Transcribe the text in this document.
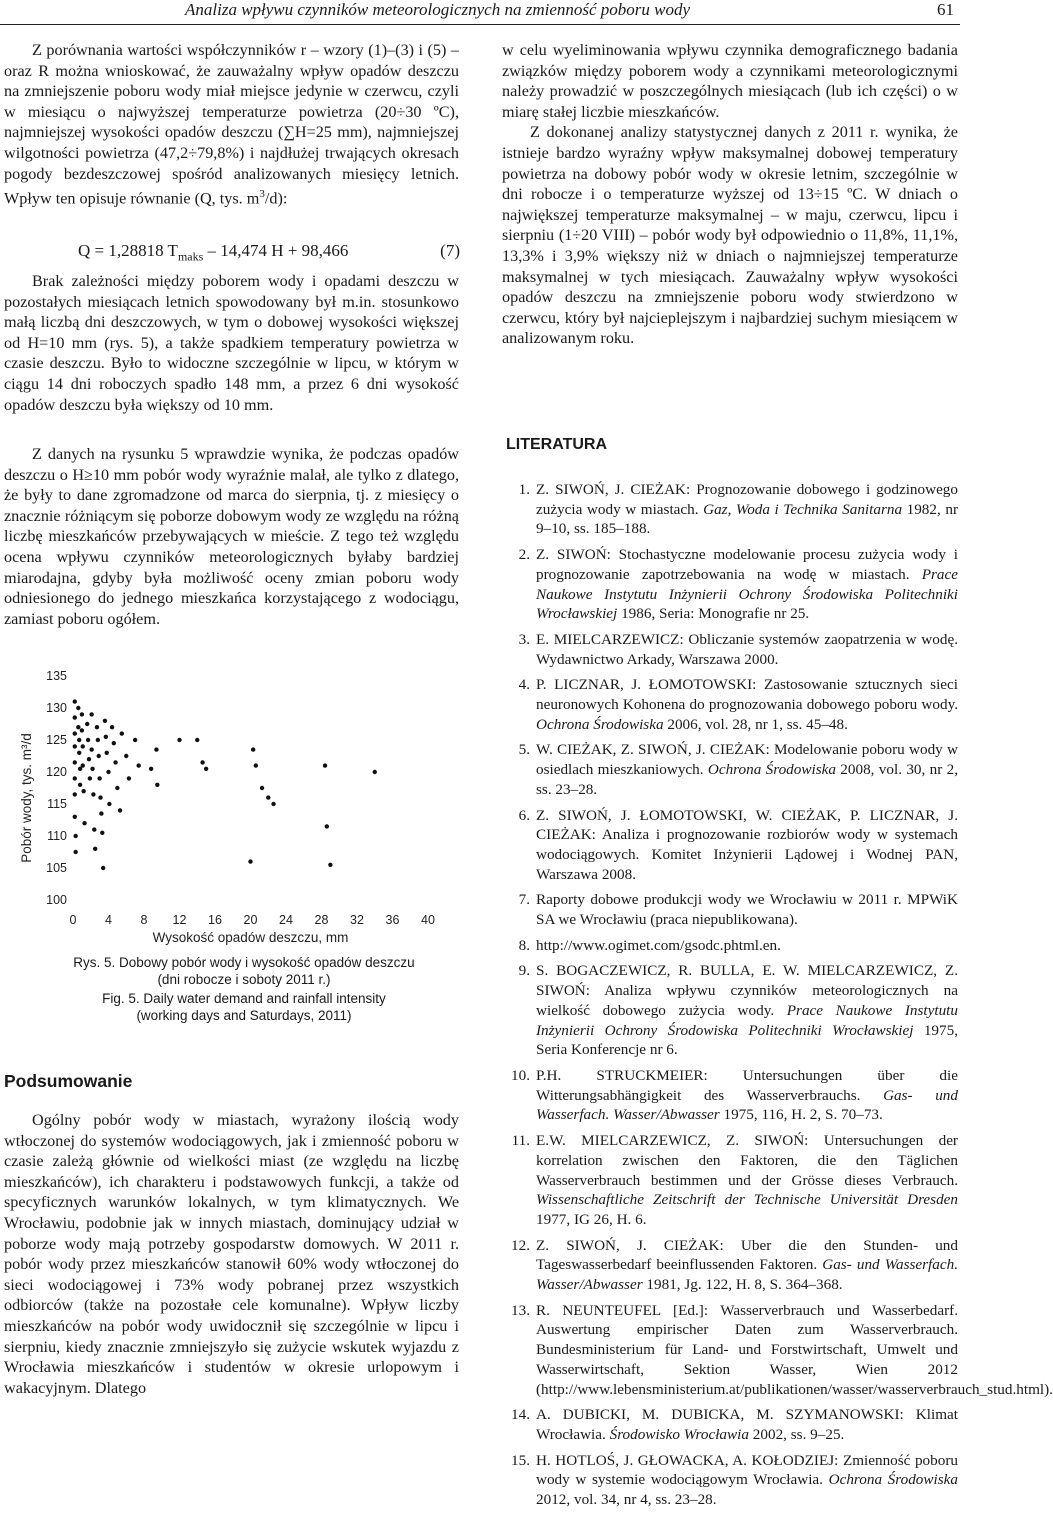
Analiza wpływu czynników meteorologicznych na zmienność poboru wody	61

Z porównania wartości współczynników r – wzory (1)–(3) i (5) – oraz R można wnioskować, że zauważalny wpływ opadów deszczu na zmniejszenie poboru wody miał miejsce jedynie w czerwcu, czyli w miesiącu o najwyższej temperaturze powietrza (20÷30 ºC), najmniejszej wysokości opadów deszczu (∑H=25 mm), najmniejszej wilgotności powietrza (47,2÷79,8%) i najdłużej trwających okresach pogody bezdeszczowej spośród analizowanych miesięcy letnich. Wpływ ten opisuje równanie (Q, tys. $m^3/d$):

Q = 1,28818 $T_{maks} - 14,474$ H + 98,466	(7)

Brak zależności między poborem wody i opadami deszczu w pozostałych miesiącach letnich spowodowany był m.in. stosunkowo małą liczbą dni deszczowych, w tym o dobowej wysokości większej od H=10 mm (rys. 5), a także spadkiem temperatury powietrza w czasie deszczu. Było to widoczne szczególnie w lipcu, w którym w ciągu 14 dni roboczych spadło 148 mm, a przez 6 dni wysokość opadów deszczu była większy od 10 mm.

Z danych na rysunku 5 wprawdzie wynika, że podczas opadów deszczu o H≥10 mm pobór wody wyraźnie malał, ale tylko z dlatego, że były to dane zgromadzone od marca do sierpnia, tj. z miesięcy o znacznie różniącym się poborze dobowym wody ze względu na różną liczbę mieszkańców przebywających w mieście. Z tego też względu ocena wpływu czynników meteorologicznych byłaby bardziej miarodajna, gdyby była możliwość oceny zmian poboru wody odniesionego do jednego mieszkańca korzystającego z wodociągu, zamiast poboru ogółem.

100
105
110
115
120
125
130
135
0 4 8 12 16 20 24 28 32 36 40
Wysokość opadów deszczu, mm
Pobór wody, tys. m³/d
Rys. 5. Dobowy pobór wody i wysokość opadów deszczu
(dni robocze i soboty 2011 r.)
Fig. 5. Daily water demand and rainfall intensity
(working days and Saturdays, 2011)
Podsumowanie

Ogólny pobór wody w miastach, wyrażony ilością wody wtłoczonej do systemów wodociągowych, jak i zmienność poboru w czasie zależą głównie od wielkości miast (ze względu na liczbę mieszkańców), ich charakteru i podstawowych funkcji, a także od specyficznych warunków lokalnych, w tym klimatycznych. We Wrocławiu, podobnie jak w innych miastach, dominujący udział w poborze wody mają potrzeby gospodarstw domowych. W 2011 r. pobór wody przez mieszkańców stanowił 60% wody wtłoczonej do sieci wodociągowej i 73% wody pobranej przez wszystkich odbiorców (także na pozostałe cele komunalne). Wpływ liczby mieszkańców na pobór wody uwidocznił się szczególnie w lipcu i sierpniu, kiedy znacznie zmniejszyło się zużycie wskutek wyjazdu z Wrocławia mieszkańców i studentów w okresie urlopowym i wakacyjnym. Dlatego

w celu wyeliminowania wpływu czynnika demograficznego badania związków między poborem wody a czynnikami meteorologicznymi należy prowadzić w poszczególnych miesiącach (lub ich części) o w miarę stałej liczbie mieszkańców.

Z dokonanej analizy statystycznej danych z 2011 r. wynika, że istnieje bardzo wyraźny wpływ maksymalnej dobowej temperatury powietrza na dobowy pobór wody w okresie letnim, szczególnie w dni robocze i o temperaturze wyższej od 13÷15 ºC. W dniach o największej temperaturze maksymalnej – w maju, czerwcu, lipcu i sierpniu (1÷20 VIII) – pobór wody był odpowiednio o 11,8%, 11,1%, 13,3% i 3,9% większy niż w dniach o najmniejszej temperaturze maksymalnej w tych miesiącach. Zauważalny wpływ wysokości opadów deszczu na zmniejszenie poboru wody stwierdzono w czerwcu, który był najcieplejszym i najbardziej suchym miesiącem w analizowanym roku.

LITERATURA
1. Z. SIWOŃ, J. CIEŻAK: Prognozowanie dobowego i godzinowego zużycia wody w miastach. Gaz, Woda i Technika Sanitarna 1982, nr 9–10, ss. 185–188.
2. Z. SIWOŃ: Stochastyczne modelowanie procesu zużycia wody i prognozowanie zapotrzebowania na wodę w miastach. Prace Naukowe Instytutu Inżynierii Ochrony Środowiska Politechniki Wrocławskiej 1986, Seria: Monografie nr 25.
3. E. MIELCARZEWICZ: Obliczanie systemów zaopatrzenia w wodę. Wydawnictwo Arkady, Warszawa 2000.
4. P. LICZNAR, J. ŁOMOTOWSKI: Zastosowanie sztucznych sieci neuronowych Kohonena do prognozowania dobowego poboru wody. Ochrona Środowiska 2006, vol. 28, nr 1, ss. 45–48.
5. W. CIEŻAK, Z. SIWOŃ, J. CIEŻAK: Modelowanie poboru wody w osiedlach mieszkaniowych. Ochrona Środowiska 2008, vol. 30, nr 2, ss. 23–28.
6. Z. SIWOŃ, J. ŁOMOTOWSKI, W. CIEŻAK, P. LICZNAR, J. CIEŻAK: Analiza i prognozowanie rozbiorów wody w systemach wodociągowych. Komitet Inżynierii Lądowej i Wodnej PAN, Warszawa 2008.
7. Raporty dobowe produkcji wody we Wrocławiu w 2011 r. MPWiK SA we Wrocławiu (praca niepublikowana).
8. http://www.ogimet.com/gsodc.phtml.en.
9. S. BOGACZEWICZ, R. BULLA, E. W. MIELCARZEWICZ, Z. SIWOŃ: Analiza wpływu czynników meteorologicznych na wielkość dobowego zużycia wody. Prace Naukowe Instytutu Inżynierii Ochrony Środowiska Politechniki Wrocławskiej 1975, Seria Konferencje nr 6.
10. P.H. STRUCKMEIER: Untersuchungen über die Witterungsabhängigkeit des Wasserverbrauchs. Gas- und Wasserfach. Wasser/Abwasser 1975, 116, H. 2, S. 70–73.
11. E.W. MIELCARZEWICZ, Z. SIWOŃ: Untersuchungen der korrelation zwischen den Faktoren, die den Täglichen Wasserverbrauch bestimmen und der Grösse dieses Verbrauch. Wissenschaftliche Zeitschrift der Technische Universität Dresden 1977, IG 26, H. 6.
12. Z. SIWOŃ, J. CIEŻAK: Uber die den Stunden- und Tageswasserbedarf beeinflussenden Faktoren. Gas- und Wasserfach. Wasser/Abwasser 1981, Jg. 122, H. 8, S. 364–368.
13. R. NEUNTEUFEL [Ed.]: Wasserverbrauch und Wasserbedarf. Auswertung empirischer Daten zum Wasserverbrauch. Bundesministerium für Land- und Forstwirtschaft, Umwelt und Wasserwirtschaft, Sektion Wasser, Wien 2012 (http://www.lebensministerium.at/publikationen/wasser/wasserverbrauch_stud.html).
14. A. DUBICKI, M. DUBICKA, M. SZYMANOWSKI: Klimat Wrocławia. Środowisko Wrocławia 2002, ss. 9–25.
15. H. HOTLOŚ, J. GŁOWACKA, A. KOŁODZIEJ: Zmienność poboru wody w systemie wodociągowym Wrocławia. Ochrona Środowiska 2012, vol. 34, nr 4, ss. 23–28.
